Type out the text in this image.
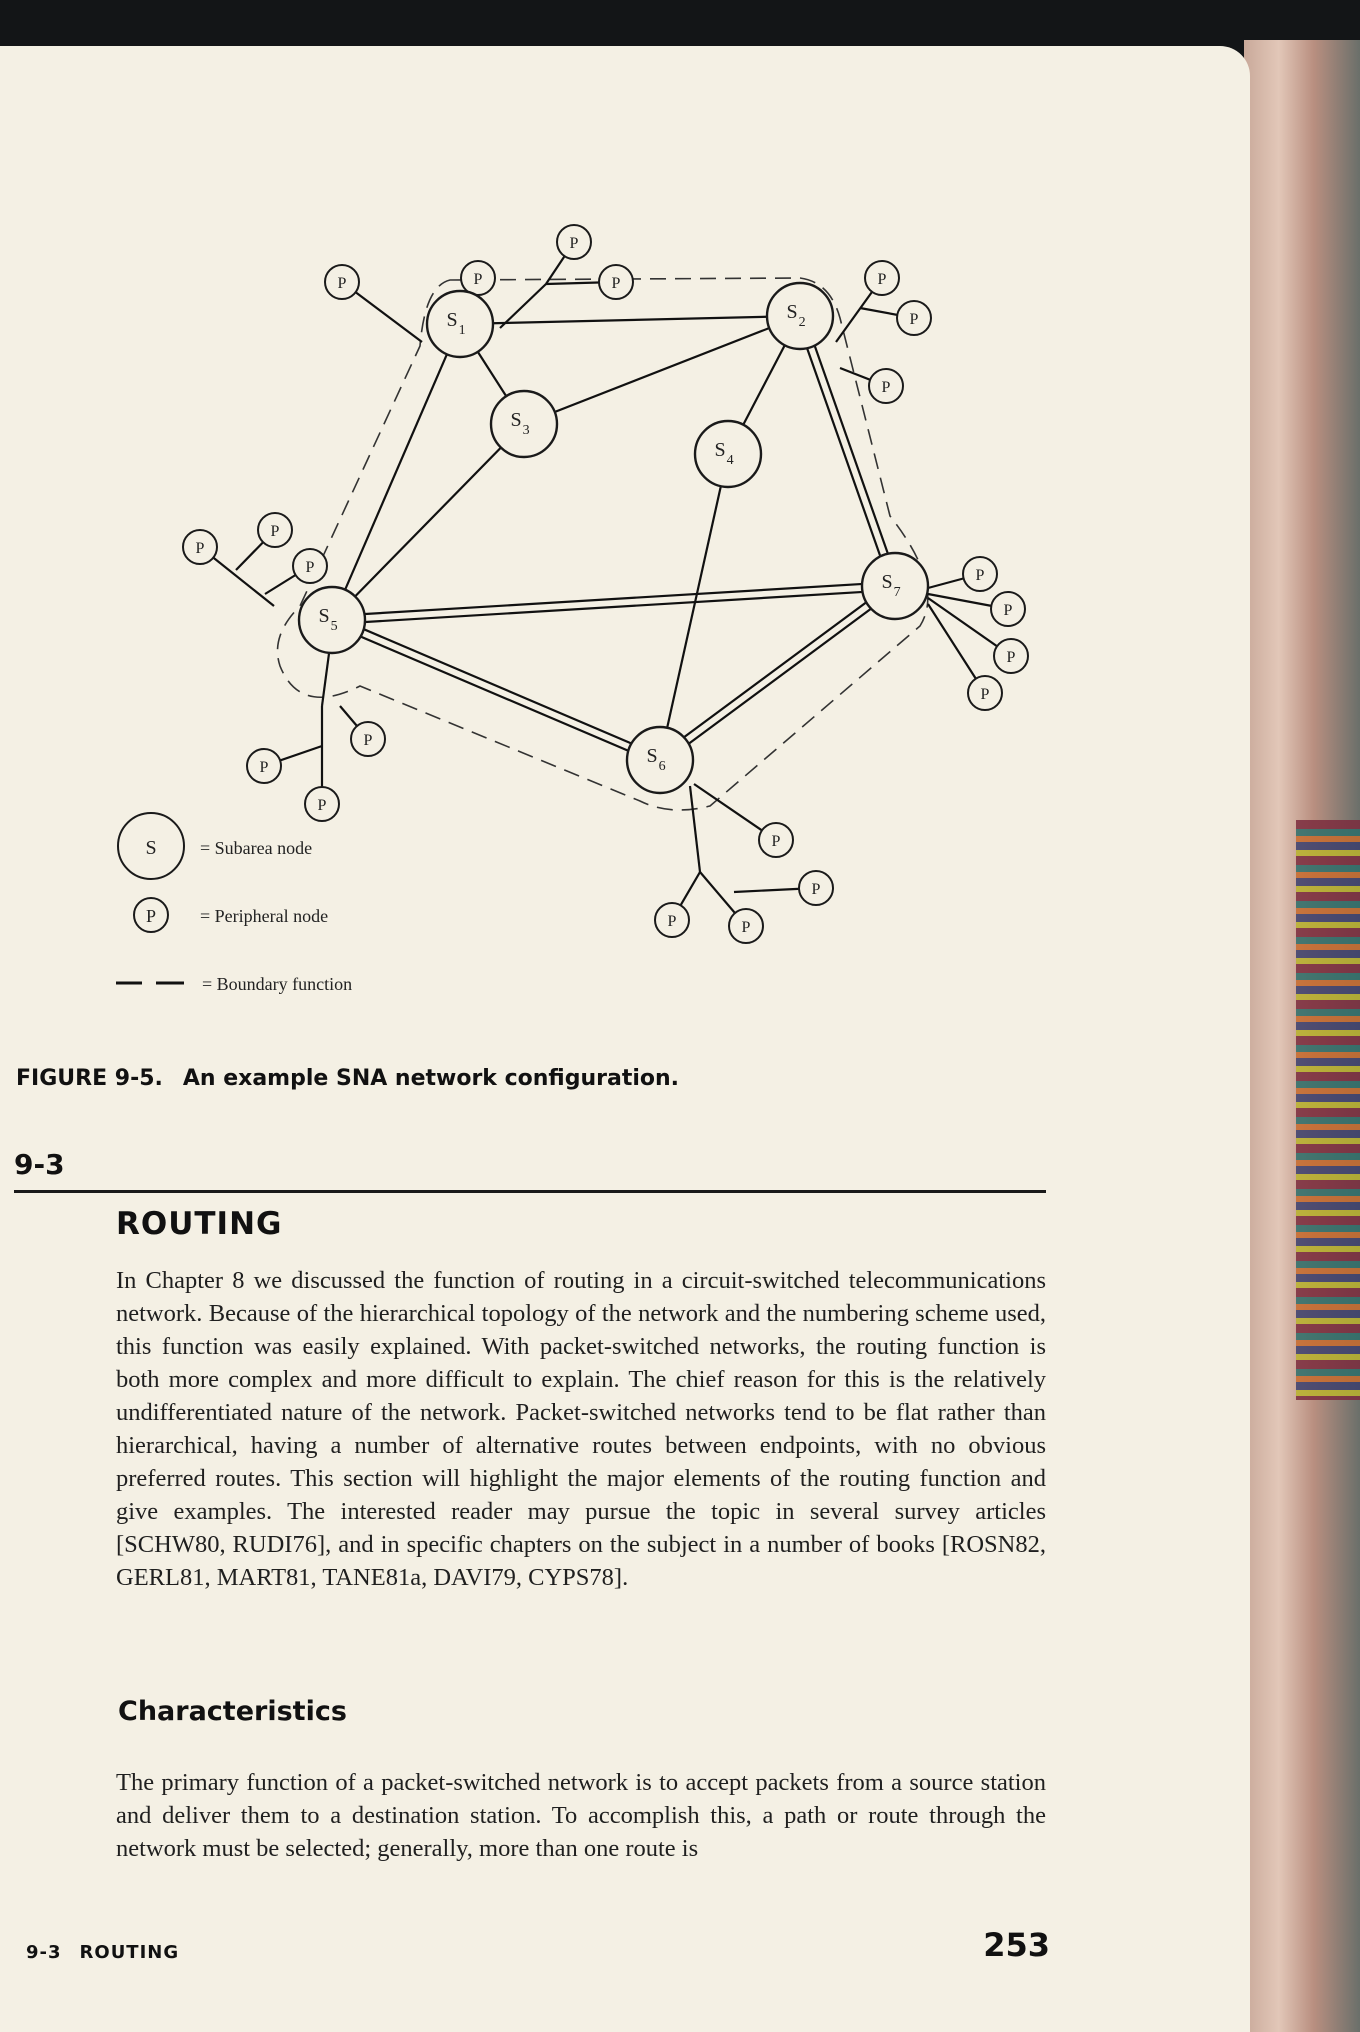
P	P
P
P	P
P
P
P
P
P
P
P
P
P
P
P
P
P
P
P	P
$S_1$
$S_2$
$S_3$
$S_4$
$S_5$
$S_6$
$S_7$
S = Subarea node
P = Peripheral node
= Boundary function
FIGURE 9-5. An example SNA network configuration.
9-3
ROUTING
In Chapter 8 we discussed the function of routing in a circuit-switched telecommunications network. Because of the hierarchical topology of the network and the numbering scheme used, this function was easily explained. With packet-switched networks, the routing function is both more complex and more difficult to explain. The chief reason for this is the relatively undifferentiated nature of the network. Packet-switched networks tend to be flat rather than hierarchical, having a number of alternative routes between endpoints, with no obvious preferred routes. This section will highlight the major elements of the routing function and give examples. The interested reader may pursue the topic in several survey articles [SCHW80, RUDI76], and in specific chapters on the subject in a number of books [ROSN82, GERL81, MART81, TANE81a, DAVI79, CYPS78].
Characteristics
The primary function of a packet-switched network is to accept packets from a source station and deliver them to a destination station. To accomplish this, a path or route through the network must be selected; generally, more than one route is
9-3 ROUTING	253
